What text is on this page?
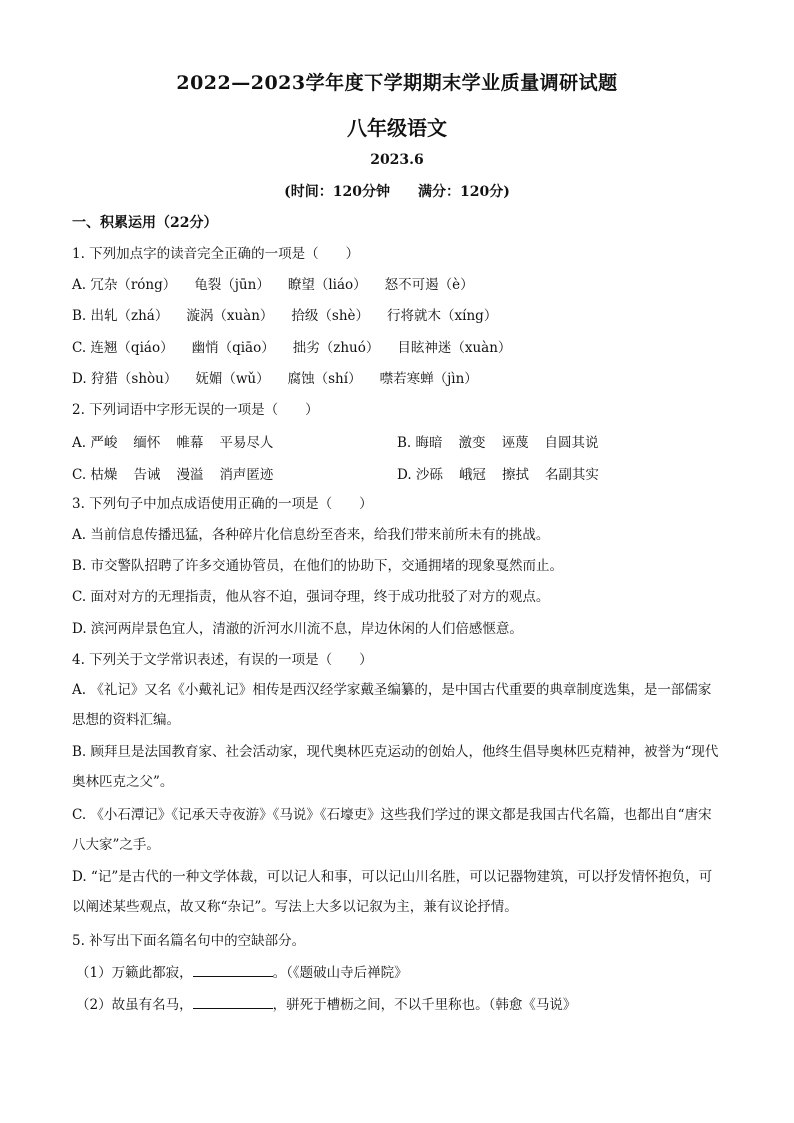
2022—2023学年度下学期期末学业质量调研试题
八年级语文
2023.6
(时间：120分钟 满分：120分)
一、积累运用（22分）
1. 下列加点字的读音完全正确的一项是（　　）
A. 冗杂（róng） 龟裂（jūn） 瞭望（liáo） 怒不可遏（è）
B. 出轧（zhá） 漩涡（xuàn） 拾级（shè） 行将就木（xíng）
C. 连翘（qiáo） 幽悄（qiāo） 拙劣（zhuó） 目眩神迷（xuàn）
D. 狩猎（shòu） 妩媚（wǔ） 腐蚀（shí） 噤若寒蝉（jìn）
2. 下列词语中字形无误的一项是（　　）
A. 严峻 缅怀 帷幕 平易尽人	B. 晦暗 激变 诬蔑 自圆其说
C. 枯燥 告诫 漫溢 消声匿迹	D. 沙砾 峨冠 擦拭 名副其实
3. 下列句子中加点成语使用正确的一项是（　　）
A. 当前信息传播迅猛，各种碎片化信息纷至沓来，给我们带来前所未有的挑战。
B. 市交警队招聘了许多交通协管员，在他们的协助下，交通拥堵的现象戛然而止。
C. 面对对方的无理指责，他从容不迫，强词夺理，终于成功批驳了对方的观点。
D. 滨河两岸景色宜人，清澈的沂河水川流不息，岸边休闲的人们倍感惬意。
4. 下列关于文学常识表述，有误的一项是（　　）
A. 《礼记》又名《小戴礼记》相传是西汉经学家戴圣编纂的，是中国古代重要的典章制度选集，是一部儒家思想的资料汇编。
B. 顾拜旦是法国教育家、社会活动家，现代奥林匹克运动的创始人，他终生倡导奥林匹克精神，被誉为“现代奥林匹克之父”。
C. 《小石潭记》《记承天寺夜游》《马说》《石壕吏》这些我们学过的课文都是我国古代名篇，也都出自“唐宋八大家”之手。
D. “记”是古代的一种文学体裁，可以记人和事，可以记山川名胜，可以记器物建筑，可以抒发情怀抱负，可以阐述某些观点，故又称“杂记”。写法上大多以记叙为主，兼有议论抒情。
5. 补写出下面名篇名句中的空缺部分。
（1）万籁此都寂，	。（《题破山寺后禅院》
（2）故虽有名马，	，骈死于槽枥之间，不以千里称也。（韩愈《马说》
